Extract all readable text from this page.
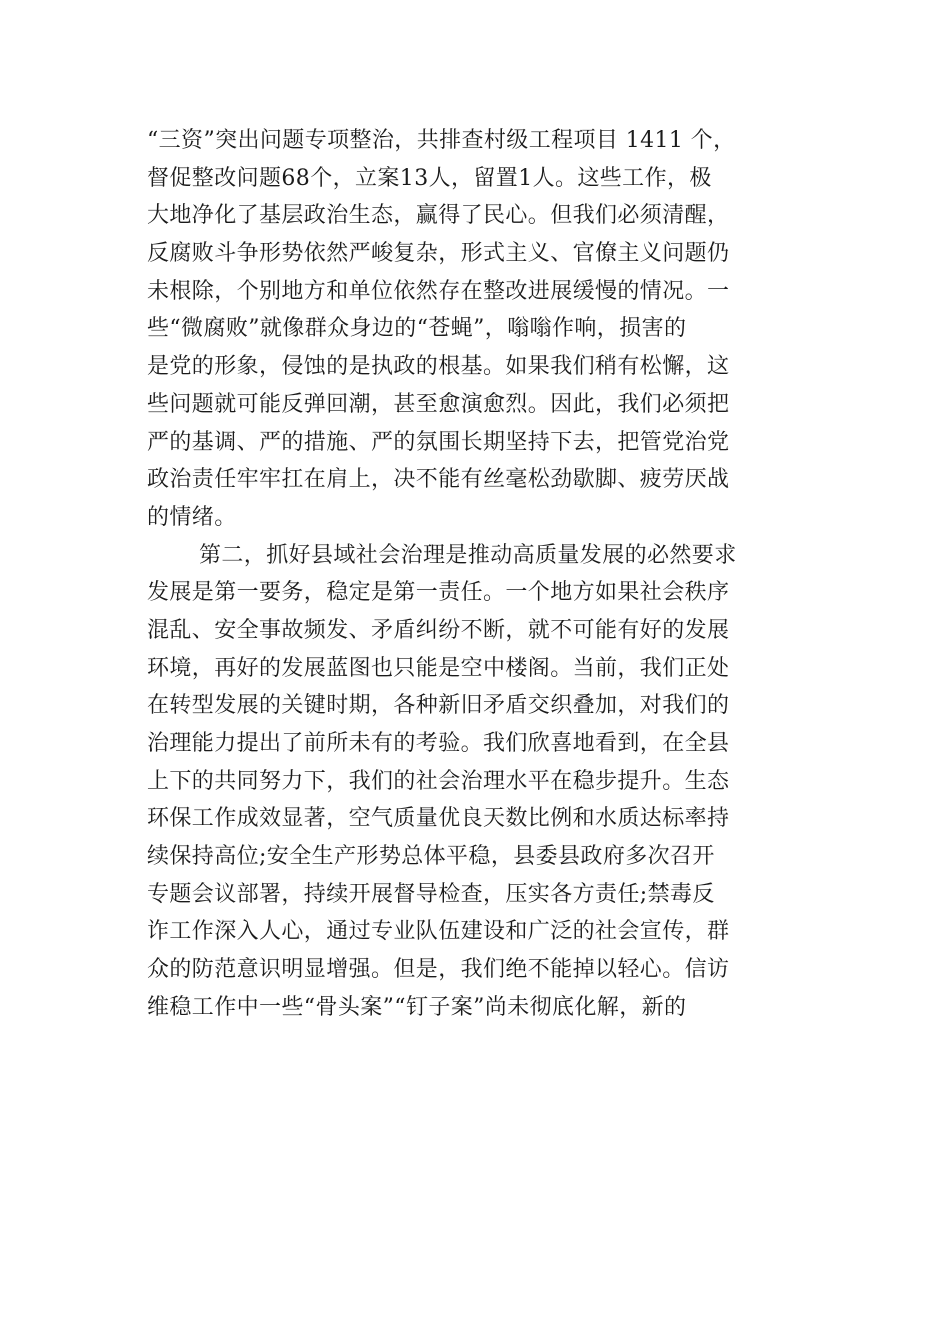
“三资”突出问题专项整治，共排查村级工程项目 1411 个，
督促整改问题68个，立案13人，留置1人。这些工作，极
大地净化了基层政治生态，赢得了民心。但我们必须清醒，
反腐败斗争形势依然严峻复杂，形式主义、官僚主义问题仍
未根除，个别地方和单位依然存在整改进展缓慢的情况。一
些“微腐败”就像群众身边的“苍蝇”，嗡嗡作响，损害的
是党的形象，侵蚀的是执政的根基。如果我们稍有松懈，这
些问题就可能反弹回潮，甚至愈演愈烈。因此，我们必须把
严的基调、严的措施、严的氛围长期坚持下去，把管党治党
政治责任牢牢扛在肩上，决不能有丝毫松劲歇脚、疲劳厌战
的情绪。
第二，抓好县域社会治理是推动高质量发展的必然要求
发展是第一要务，稳定是第一责任。一个地方如果社会秩序
混乱、安全事故频发、矛盾纠纷不断，就不可能有好的发展
环境，再好的发展蓝图也只能是空中楼阁。当前，我们正处
在转型发展的关键时期，各种新旧矛盾交织叠加，对我们的
治理能力提出了前所未有的考验。我们欣喜地看到，在全县
上下的共同努力下，我们的社会治理水平在稳步提升。生态
环保工作成效显著，空气质量优良天数比例和水质达标率持
续保持高位;安全生产形势总体平稳，县委县政府多次召开
专题会议部署，持续开展督导检查，压实各方责任;禁毒反
诈工作深入人心，通过专业队伍建设和广泛的社会宣传，群
众的防范意识明显增强。但是，我们绝不能掉以轻心。信访
维稳工作中一些“骨头案”“钉子案”尚未彻底化解，新的
